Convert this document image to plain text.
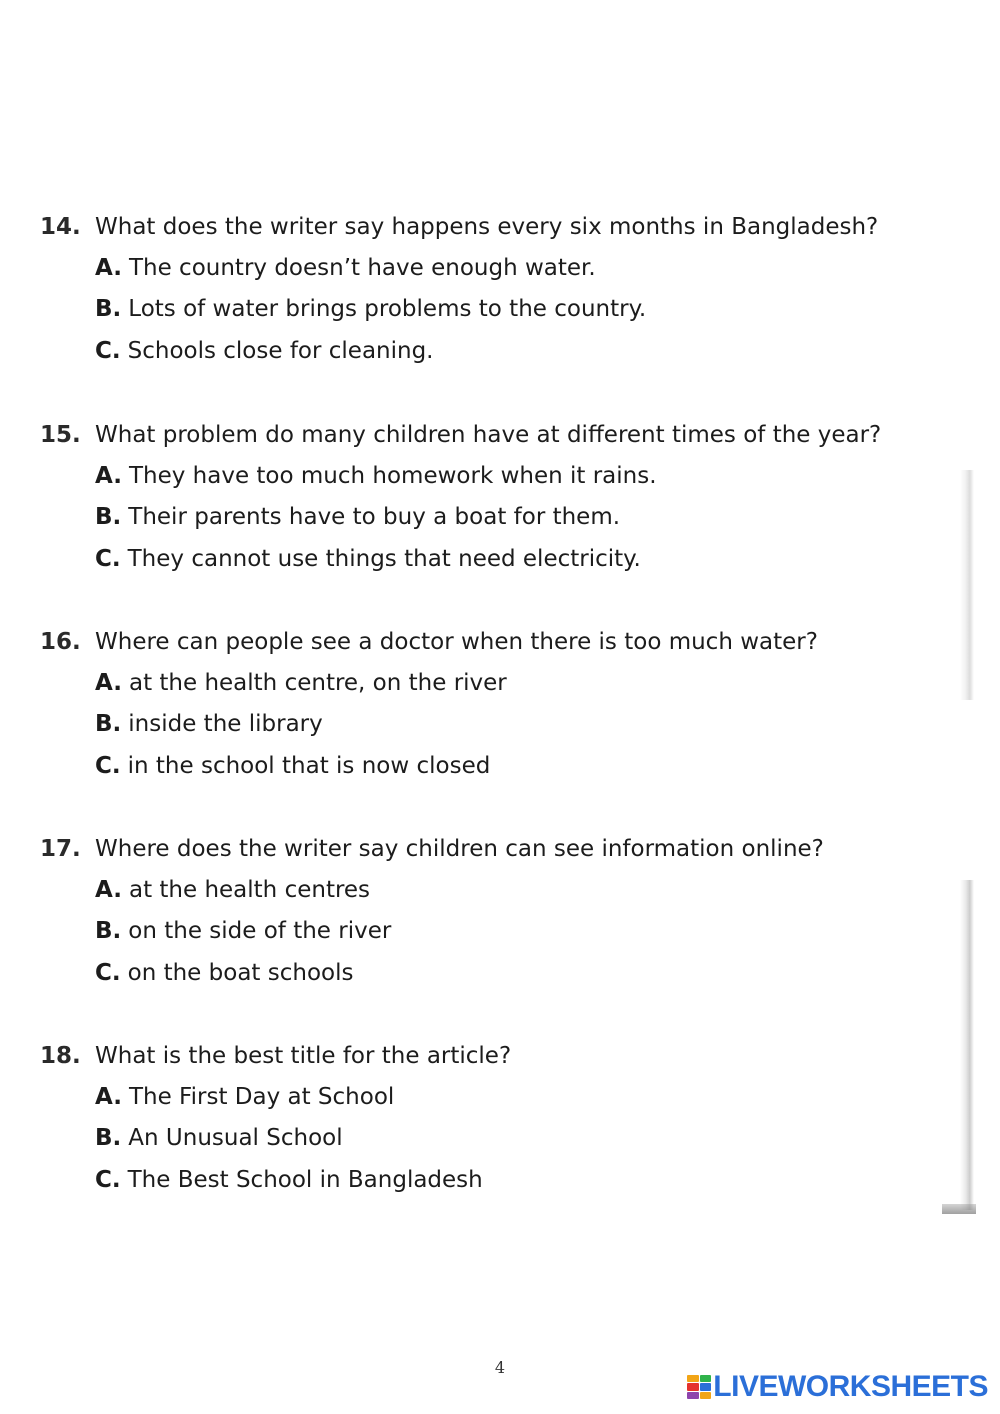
14. What does the writer say happens every six months in Bangladesh?
A. The country doesn’t have enough water.
B. Lots of water brings problems to the country.
C. Schools close for cleaning.
15. What problem do many children have at different times of the year?
A. They have too much homework when it rains.
B. Their parents have to buy a boat for them.
C. They cannot use things that need electricity.
16. Where can people see a doctor when there is too much water?
A. at the health centre, on the river
B. inside the library
C. in the school that is now closed
17. Where does the writer say children can see information online?
A. at the health centres
B. on the side of the river
C. on the boat schools
18. What is the best title for the article?
A. The First Day at School
B. An Unusual School
C. The Best School in Bangladesh
4
LIVEWORKSHEETS
